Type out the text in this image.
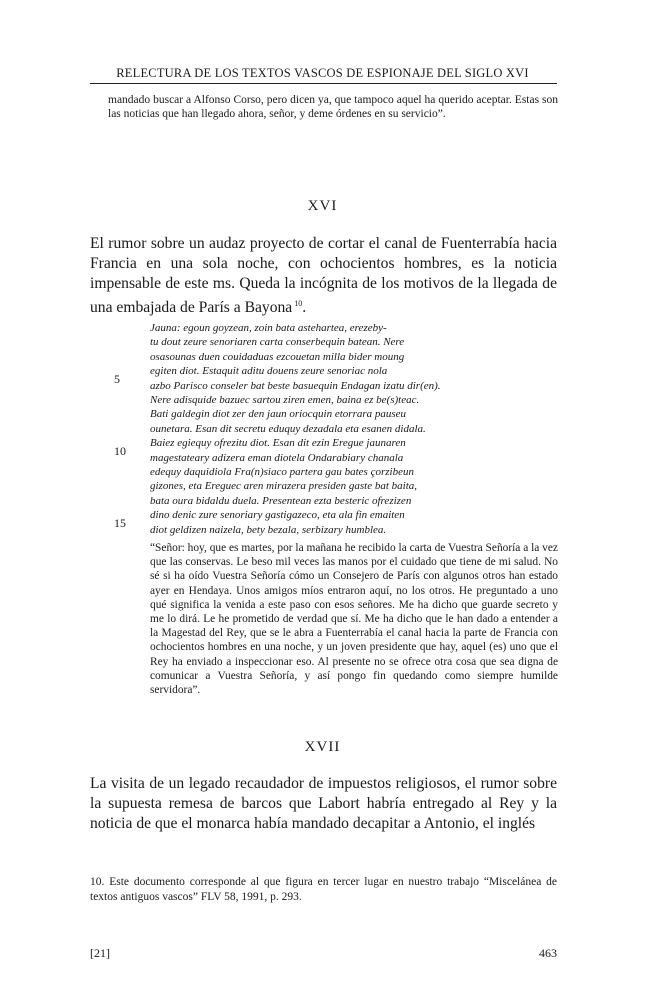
RELECTURA DE LOS TEXTOS VASCOS DE ESPIONAJE DEL SIGLO XVI
mandado buscar a Alfonso Corso, pero dicen ya, que tampoco aquel ha querido aceptar. Estas son las noticias que han llegado ahora, señor, y deme órdenes en su servicio”.
XVI
El rumor sobre un audaz proyecto de cortar el canal de Fuenterrabía hacia Francia en una sola noche, con ochocientos hombres, es la noticia impensable de este ms. Queda la incógnita de los motivos de la llegada de una embajada de París a Bayona $^{10}$.
Jauna: egoun goyzean, zoin bata astehartea, erezeby-
tu dout zeure senoriaren carta conserbequin batean. Nere
osasounas duen couidaduas ezcouetan milla bider moung
egiten diot. Estaquit aditu douens zeure senoriac nola
azbo Parisco conseler bat beste basuequin Endagan izatu dir(en).
Nere adisquide bazuec sartou ziren emen, baina ez be(s)teac.
Bati galdegin diot zer den jaun oriocquin etorrara pauseu
ounetara. Esan dit secretu eduquy dezadala eta esanen didala.
Baiez egiequy ofrezitu diot. Esan dit ezin Eregue jaunaren
magestateary adizera eman diotela Ondarabiary chanala
edequy daquidiola Fra(n)siaco partera gau bates çorzibeun
gizones, eta Ereguec aren mirazera presiden gaste bat baita,
bata oura bidaldu duela. Presentean ezta besteric ofrezizen
dino denic zure senoriary gastigazeco, eta ala fin emaiten
diot geldizen naizela, bety bezala, serbizary humblea.
5
10
15
“Señor: hoy, que es martes, por la mañana he recibido la carta de Vuestra Señoría a la vez que las conservas. Le beso mil veces las manos por el cuidado que tiene de mi salud. No sé si ha oído Vuestra Señoría cómo un Consejero de París con algunos otros han estado ayer en Hendaya. Unos amigos míos entraron aquí, no los otros. He preguntado a uno qué significa la venida a este paso con esos señores. Me ha dicho que guarde secreto y me lo dirá. Le he prometido de verdad que sí. Me ha dicho que le han dado a entender a la Magestad del Rey, que se le abra a Fuenterrabía el canal hacia la parte de Francia con ochocientos hombres en una noche, y un joven presidente que hay, aquel (es) uno que el Rey ha enviado a inspeccionar eso. Al presente no se ofrece otra cosa que sea digna de comunicar a Vuestra Señoría, y así pongo fin quedando como siempre humilde servidora”.
XVII
La visita de un legado recaudador de impuestos religiosos, el rumor sobre la supuesta remesa de barcos que Labort habría entregado al Rey y la noticia de que el monarca había mandado decapitar a Antonio, el inglés
10. Este documento corresponde al que figura en tercer lugar en nuestro trabajo “Miscelánea de textos antiguos vascos” FLV 58, 1991, p. 293.
[21]	463
